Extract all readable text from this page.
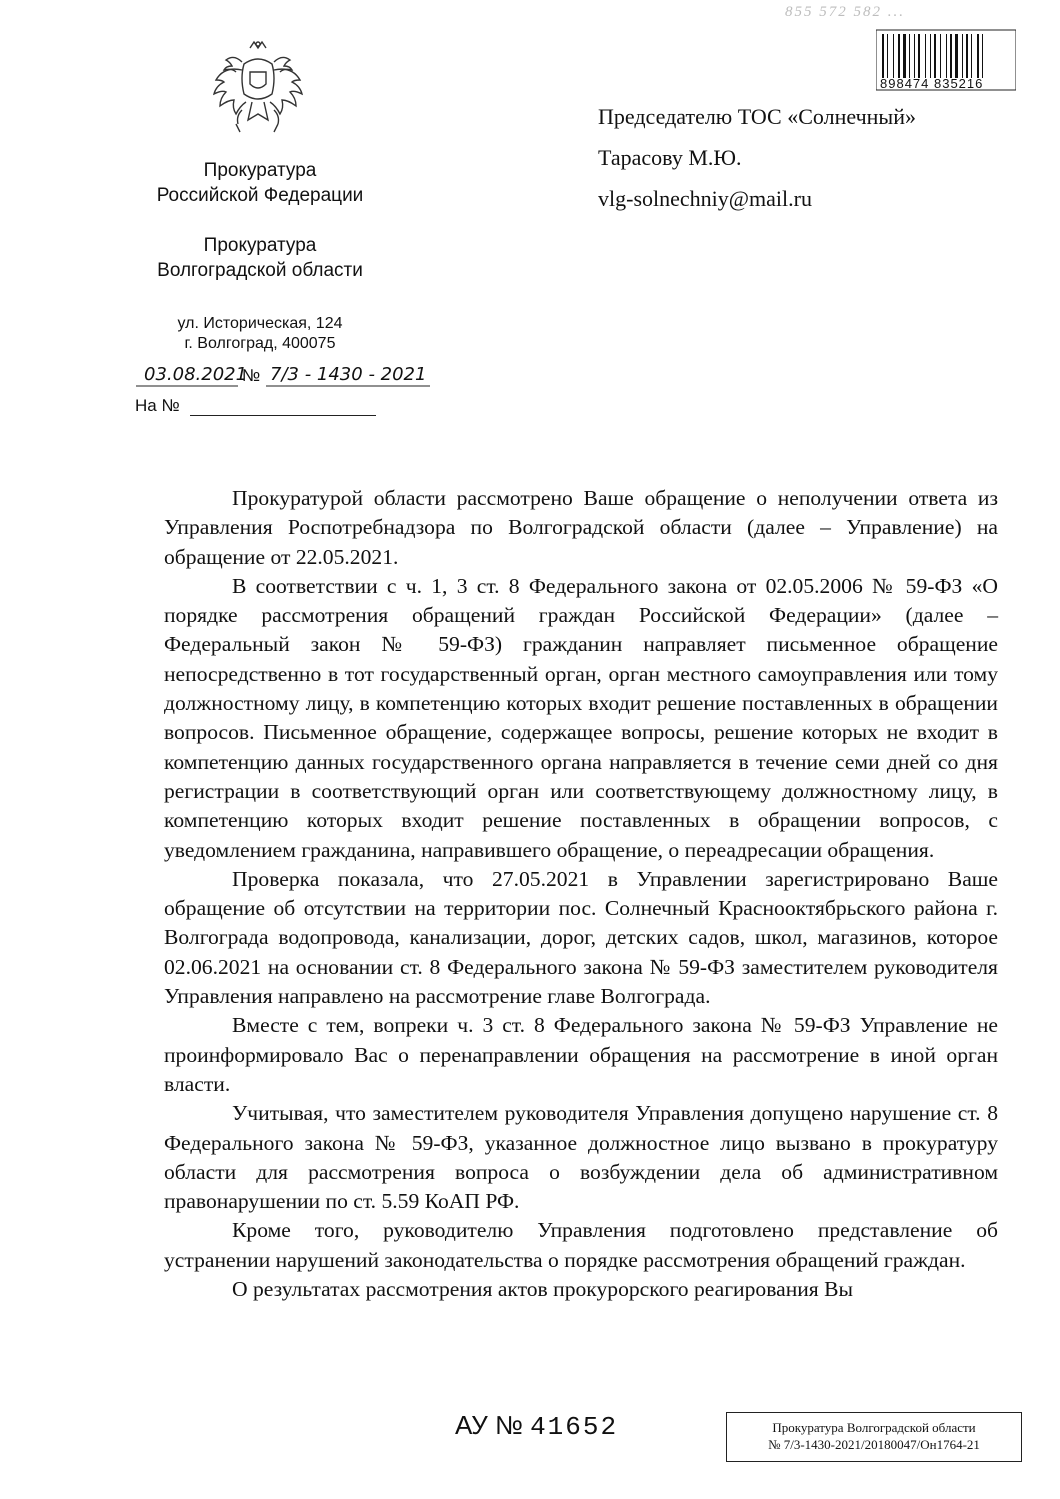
Прокуратура
Российской Федерации
Прокуратура
Волгоградской области
ул. Историческая, 124
г. Волгоград, 400075
03.08.2021
№ 7/3 - 1430 - 2021
На №
855 572 582 ...
898474 835216
Председателю ТОС «Солнечный»
Тарасову М.Ю.
vlg-solnechniy@mail.ru

Прокуратурой области рассмотрено Ваше обращение о неполучении ответа из Управления Роспотребнадзора по Волгоградской области (далее – Управление) на обращение от 22.05.2021.

В соответствии с ч. 1, 3 ст. 8 Федерального закона от 02.05.2006 № 59-ФЗ «О порядке рассмотрения обращений граждан Российской Федерации» (далее – Федеральный закон № 59-ФЗ) гражданин направляет письменное обращение непосредственно в тот государственный орган, орган местного самоуправления или тому должностному лицу, в компетенцию которых входит решение поставленных в обращении вопросов. Письменное обращение, содержащее вопросы, решение которых не входит в компетенцию данных государственного органа направляется в течение семи дней со дня регистрации в соответствующий орган или соответствующему должностному лицу, в компетенцию которых входит решение поставленных в обращении вопросов, с уведомлением гражданина, направившего обращение, о переадресации обращения.

Проверка показала, что 27.05.2021 в Управлении зарегистрировано Ваше обращение об отсутствии на территории пос. Солнечный Краснооктябрьского района г. Волгограда водопровода, канализации, дорог, детских садов, школ, магазинов, которое 02.06.2021 на основании ст. 8 Федерального закона № 59-ФЗ заместителем руководителя Управления направлено на рассмотрение главе Волгограда.

Вместе с тем, вопреки ч. 3 ст. 8 Федерального закона № 59-ФЗ Управление не проинформировало Вас о перенаправлении обращения на рассмотрение в иной орган власти.

Учитывая, что заместителем руководителя Управления допущено нарушение ст. 8 Федерального закона № 59-ФЗ, указанное должностное лицо вызвано в прокуратуру области для рассмотрения вопроса о возбуждении дела об административном правонарушении по ст. 5.59 КоАП РФ.

Кроме того, руководителю Управления подготовлено представление об устранении нарушений законодательства о порядке рассмотрения обращений граждан.

О результатах рассмотрения актов прокурорского реагирования Вы

АУ № 41652	Прокуратура Волгоградской области
№ 7/3-1430-2021/20180047/Он1764-21
